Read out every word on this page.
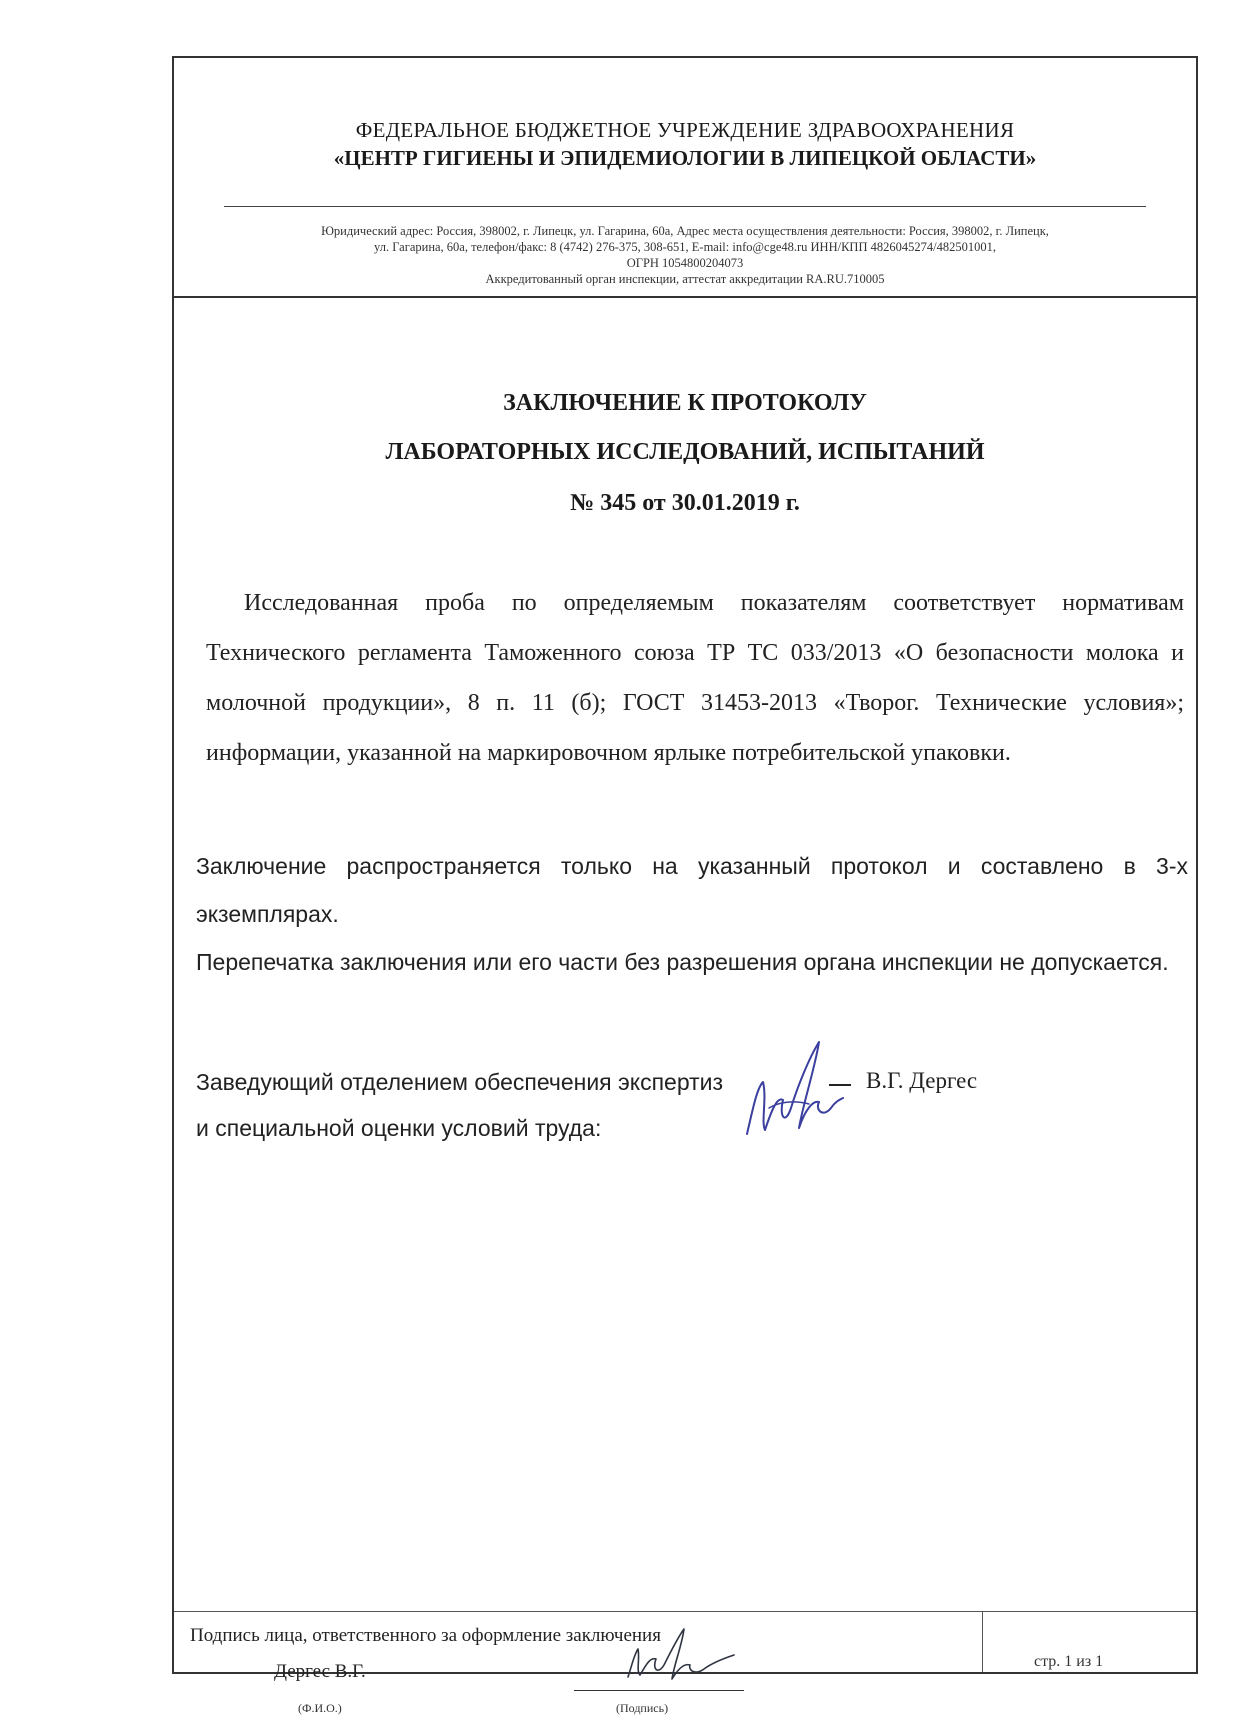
ФЕДЕРАЛЬНОЕ БЮДЖЕТНОЕ УЧРЕЖДЕНИЕ ЗДРАВООХРАНЕНИЯ
«ЦЕНТР ГИГИЕНЫ И ЭПИДЕМИОЛОГИИ В ЛИПЕЦКОЙ ОБЛАСТИ»
Юридический адрес: Россия, 398002, г. Липецк, ул. Гагарина, 60а, Адрес места осуществления деятельности: Россия, 398002, г. Липецк,
ул. Гагарина, 60а, телефон/факс: 8 (4742) 276-375, 308-651, E-mail: info@cge48.ru ИНН/КПП 4826045274/482501001,
ОГРН 1054800204073
Аккредитованный орган инспекции, аттестат аккредитации RA.RU.710005
ЗАКЛЮЧЕНИЕ К ПРОТОКОЛУ
ЛАБОРАТОРНЫХ ИССЛЕДОВАНИЙ, ИСПЫТАНИЙ
№ 345 от 30.01.2019 г.
Исследованная проба по определяемым показателям соответствует нормативам Технического регламента Таможенного союза ТР ТС 033/2013 «О безопасности молока и молочной продукции», 8 п. 11 (б); ГОСТ 31453-2013 «Творог. Технические условия»; информации, указанной на маркировочном ярлыке потребительской упаковки.
Заключение распространяется только на указанный протокол и составлено в 3-х экземплярах.
Перепечатка заключения или его части без разрешения органа инспекции не допускается.
Заведующий отделением обеспечения экспертиз
и специальной оценки условий труда:
В.Г. Дергес
Подпись лица, ответственного за оформление заключения
Дергес В.Г.
(Ф.И.О.)	(Подпись)
стр. 1 из 1
